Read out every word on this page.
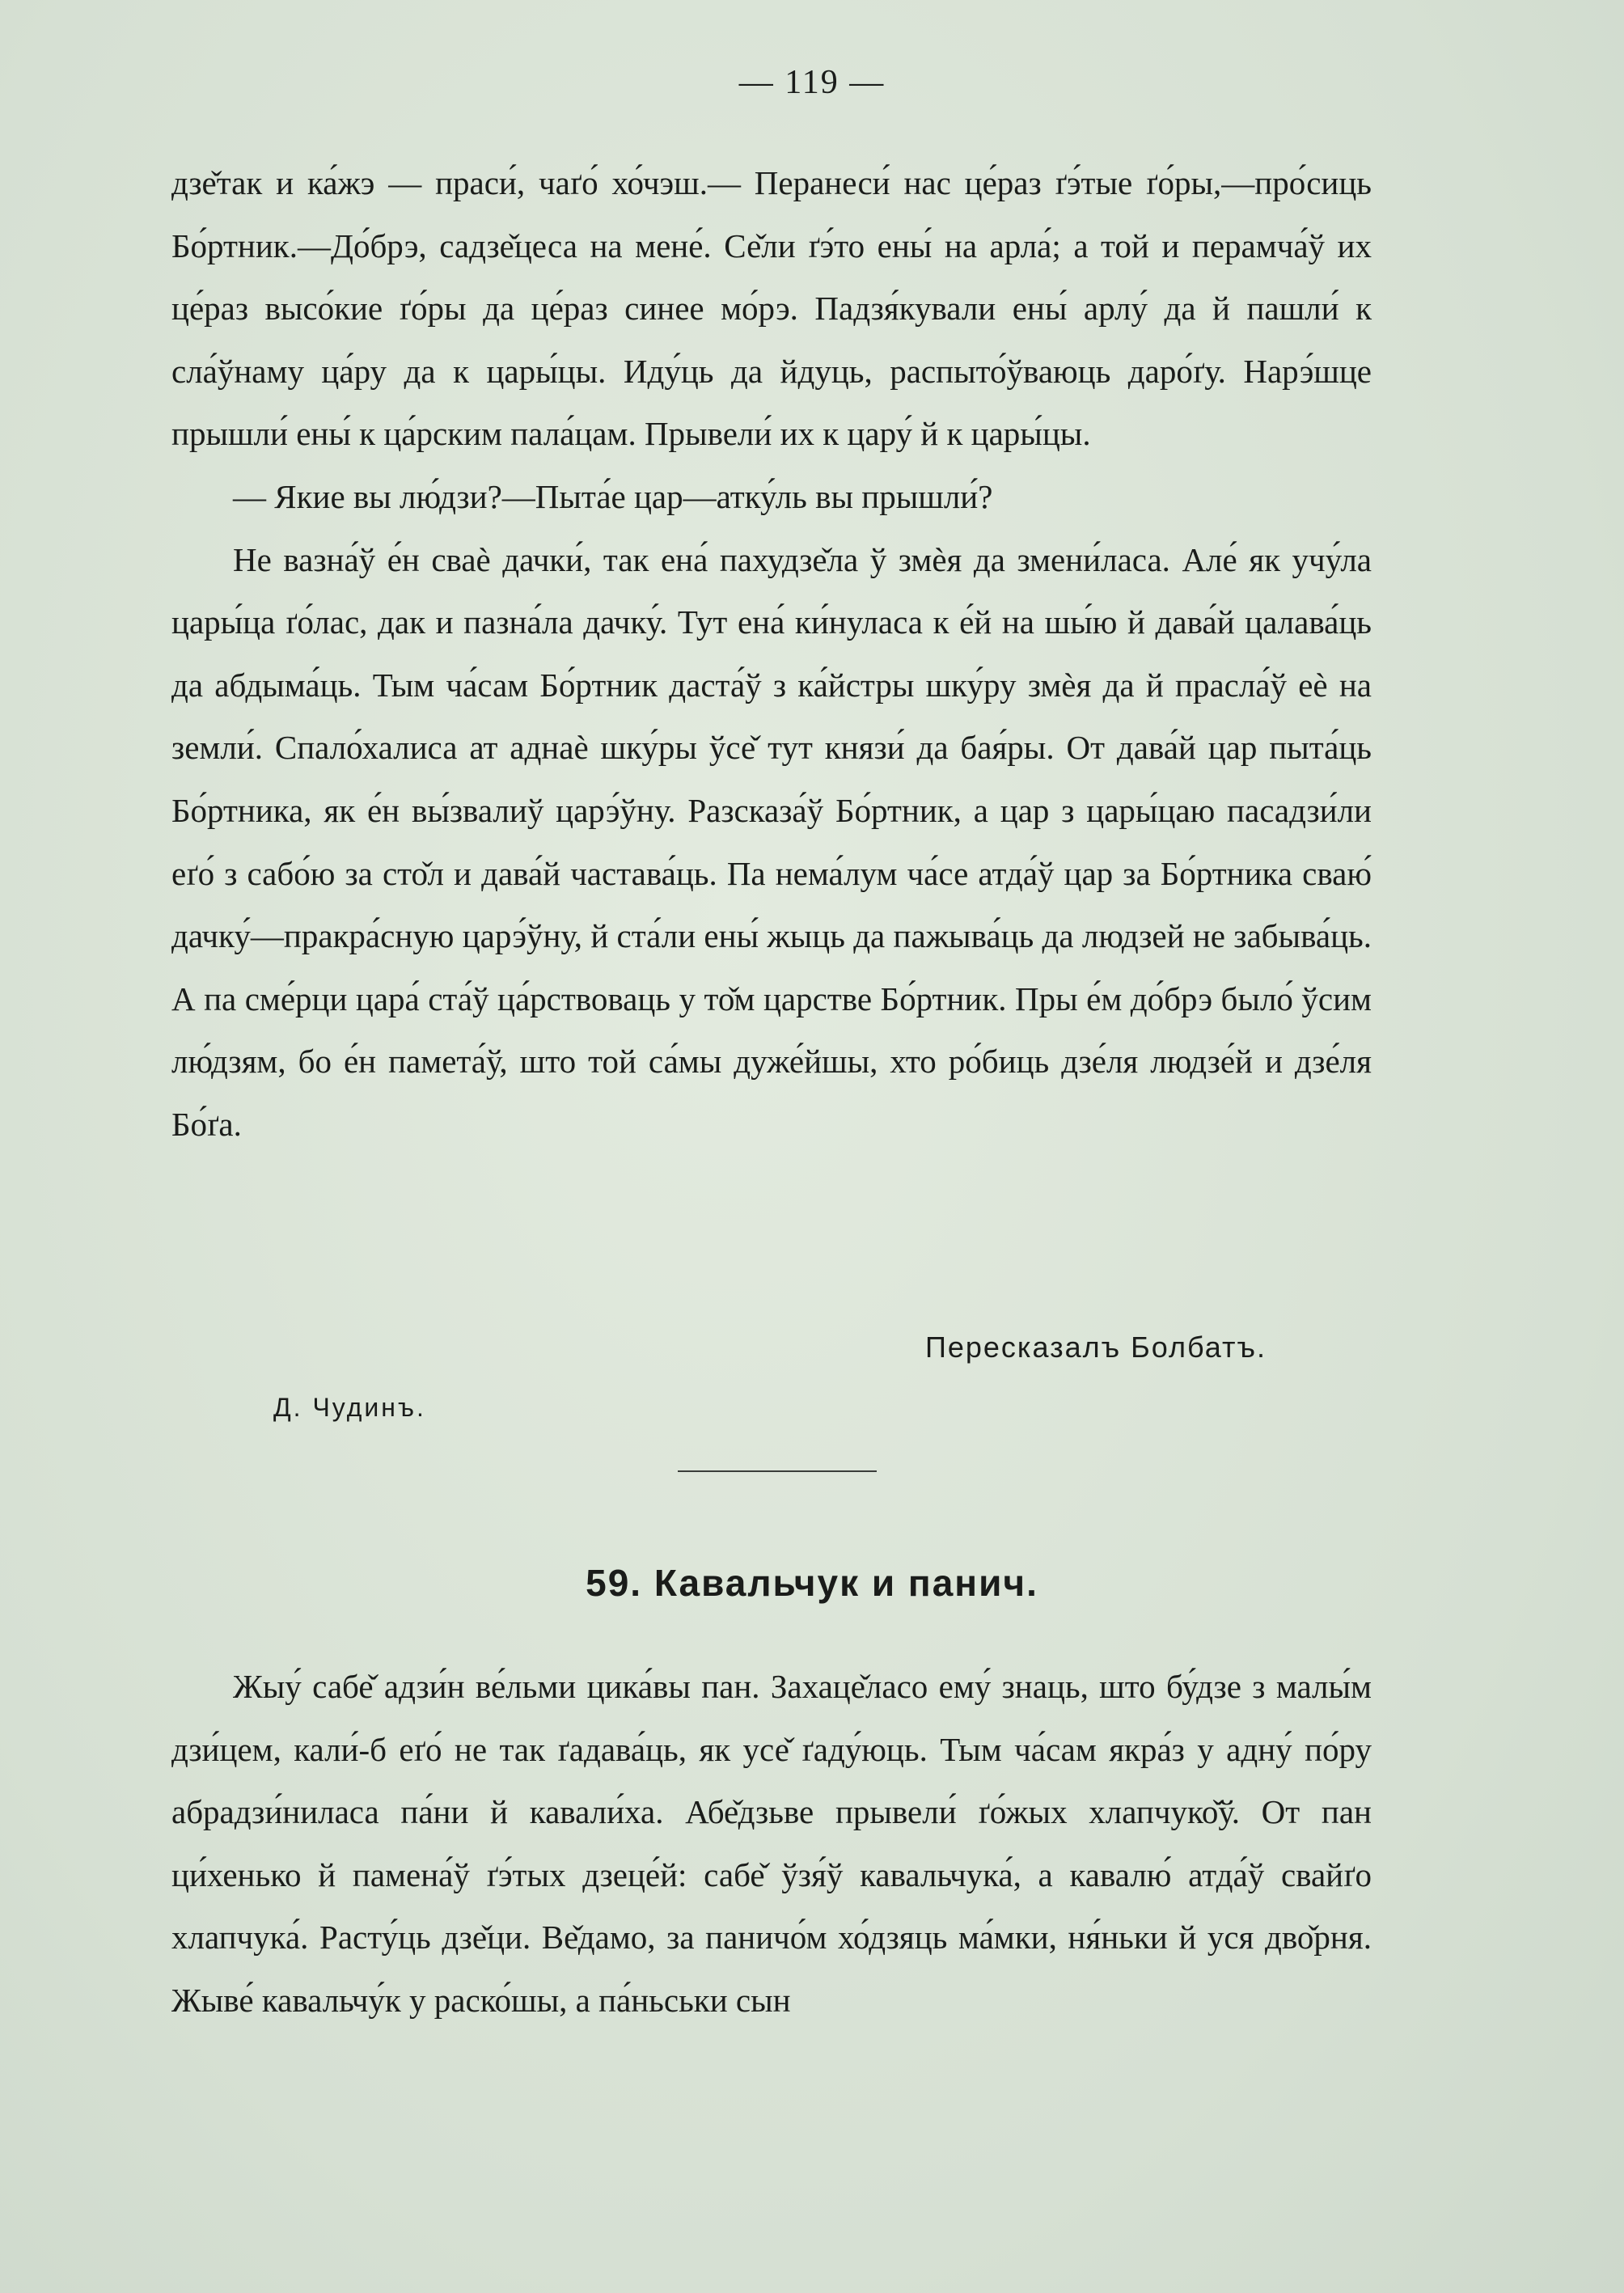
— 119 —

дзе̌так и ка́жэ — праси́, чаґо́ хо́чэш.— Перанеси́ нас це́раз ґэ́тые ґо́ры,—про́сиць Бо́ртник.—До́брэ, садзе̌цеса на мене́. Се̌ли ґэ́то ены́ на арла́; а той и перамча́ў их це́раз высо́кие ґо́ры да це́раз синее мо́рэ. Падзя́кували ены́ арлу́ да й пашли́ к сла́ўнаму ца́ру да к цары́цы. Иду́ць да йдуць, распыто́ўваюць даро́ґу. Нарэ́шце прышли́ ены́ к ца́рским пала́цам. Прывели́ их к цару́ й к цары́цы.

— Якие вы лю́дзи?—Пыта́е цар—атку́ль вы прышли́?

Не вазна́ў е́н сваѐ дачки́, так ена́ пахудзе̌ла ў змѐя да змени́ласа. Але́ як учу́ла цары́ца ґо́лас, дак и пазна́ла дачку́. Тут ена́ ки́нуласа к е́й на шы́ю й дава́й цалава́ць да абдыма́ць. Тым ча́сам Бо́ртник даста́ў з ка́йстры шку́ру змѐя да й прасла́ў еѐ на земли́. Спало́халиса ат аднаѐ шку́ры ўсе̌ тут князи́ да бая́ры. От дава́й цар пыта́ць Бо́ртника, як е́н вы́звалиў царэ́ўну. Разсказа́ў Бо́ртник, а цар з цары́цаю пасадзи́ли еґо́ з сабо́ю за сто̌л и дава́й частава́ць. Па нема́лум ча́се атда́ў цар за Бо́ртника сваю́ дачку́—пракра́сную царэ́ўну, й ста́ли ены́ жыць да пажыва́ць да людзей не забыва́ць. А па сме́рци цара́ ста́ў ца́рствоваць у то̌м царстве Бо́ртник. Пры е́м до́брэ было́ ўсим лю́дзям, бо е́н памета́ў, што той са́мы дуже́йшы, хто ро́биць дзе́ля людзе́й и дзе́ля Бо́ґа.

Пересказалъ Болбатъ.
Д. Чудинъ.
59. Кавальчук и панич.

Жыу́ сабе̌ адзи́н ве́льми цика́вы пан. Захаце̌ласо ему́ знаць, што бу́дзе з малы́м дзи́цем, кали́-б еґо́ не так ґадава́ць, як усе̌ ґаду́юць. Тым ча́сам якра́з у адну́ по́ру абрадзи́ниласа па́ни й кавали́ха. Абе̌дзьве прывели́ ґо́жых хлапчуко̌ў. От пан ци́хенько й памена́ў ґэ́тых дзеце́й: сабе̌ ўзя́ў кавальчука́, а кавалю́ атда́ў свайґо хлапчука́. Расту́ць дзе̌ци. Ве̌дамо, за паничо́м хо́дзяць ма́мки, ня́ньки й уся дво̌рня. Жыве́ кавальчу́к у раско́шы, а па́ньськи сын
